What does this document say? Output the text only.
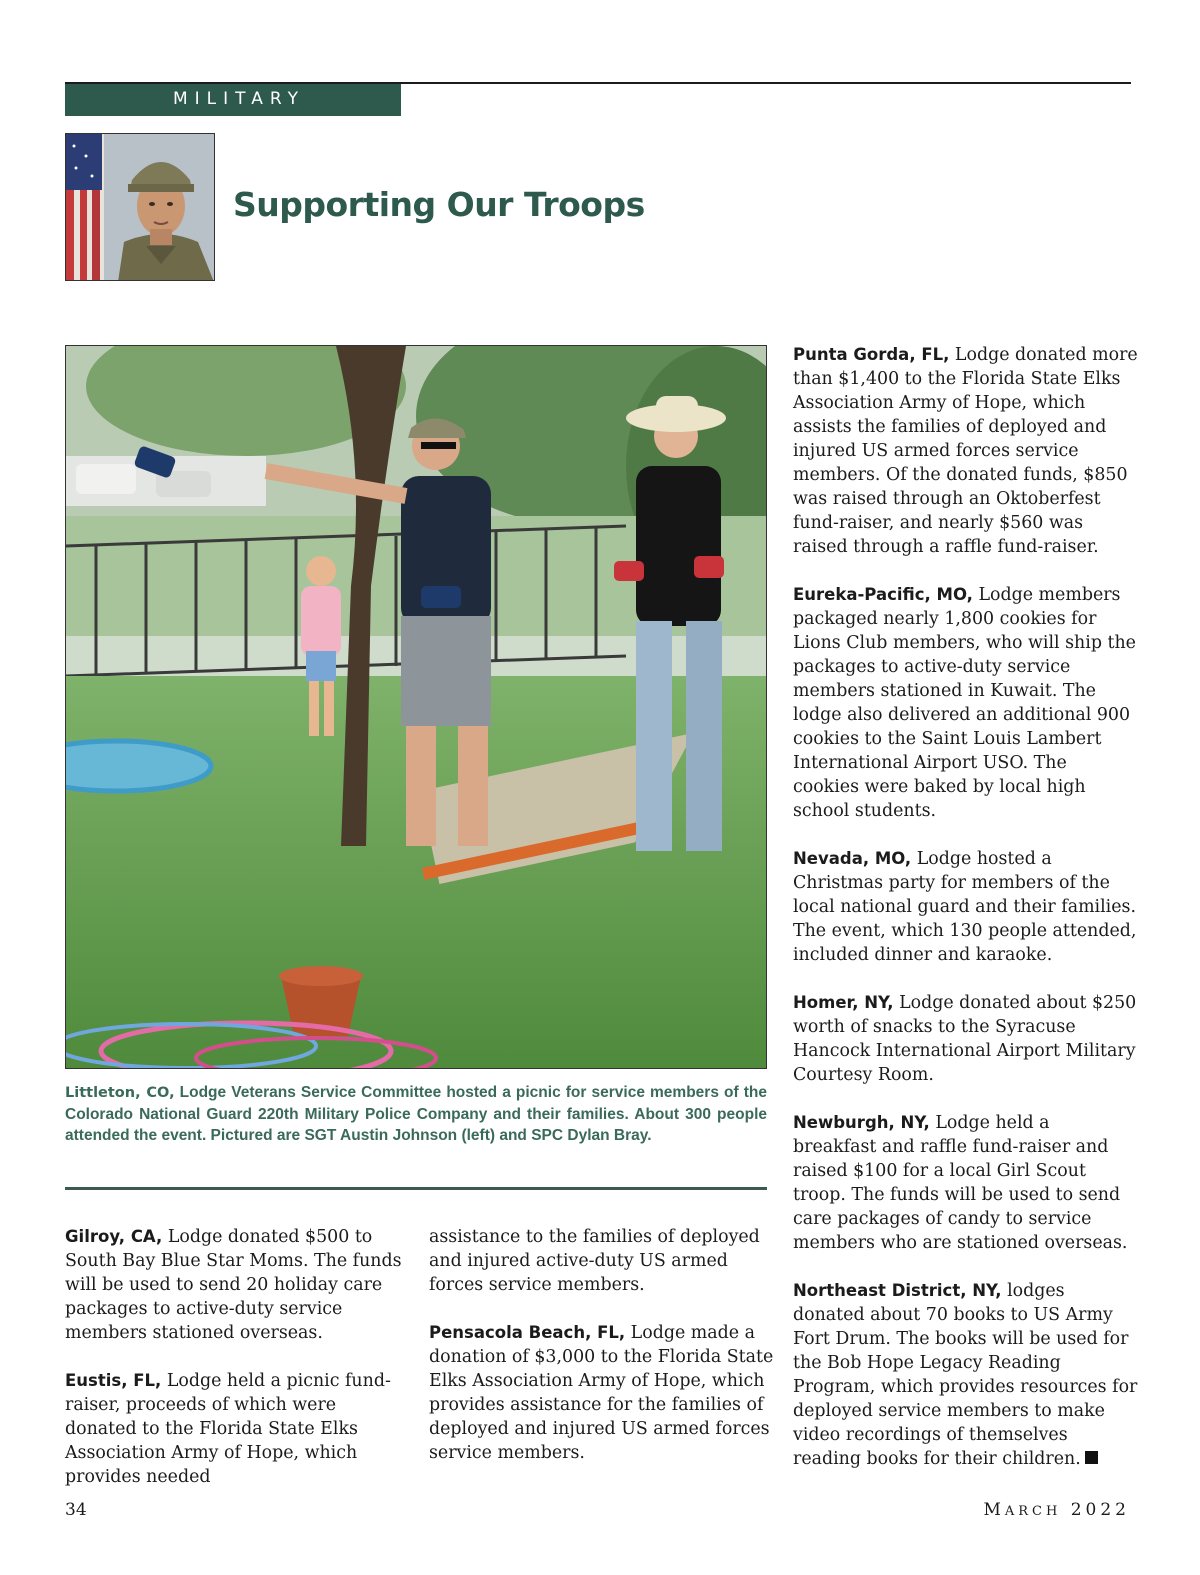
MILITARY
Supporting Our Troops

Littleton, CO, Lodge Veterans Service Committee hosted a picnic for service members of the Colorado National Guard 220th Military Police Company and their families. About 300 people attended the event. Pictured are SGT Austin Johnson (left) and SPC Dylan Bray.

Gilroy, CA, Lodge donated $500 to South Bay Blue Star Moms. The funds will be used to send 20 holiday care packages to active-duty service members stationed overseas.

Eustis, FL, Lodge held a picnic fund-raiser, proceeds of which were donated to the Florida State Elks Association Army of Hope, which provides needed

assistance to the families of deployed and injured active-duty US armed forces service members.

Pensacola Beach, FL, Lodge made a donation of $3,000 to the Florida State Elks Association Army of Hope, which provides assistance for the families of deployed and injured US armed forces service members.

Punta Gorda, FL, Lodge donated more than $1,400 to the Florida State Elks Association Army of Hope, which assists the families of deployed and injured US armed forces service members. Of the donated funds, $850 was raised through an Oktoberfest fund-raiser, and nearly $560 was raised through a raffle fund-raiser.

Eureka-Pacific, MO, Lodge members packaged nearly 1,800 cookies for Lions Club members, who will ship the packages to active-duty service members stationed in Kuwait. The lodge also delivered an additional 900 cookies to the Saint Louis Lambert International Airport USO. The cookies were baked by local high school students.

Nevada, MO, Lodge hosted a Christmas party for members of the local national guard and their families. The event, which 130 people attended, included dinner and karaoke.

Homer, NY, Lodge donated about $250 worth of snacks to the Syracuse Hancock International Airport Military Courtesy Room.

Newburgh, NY, Lodge held a breakfast and raffle fund-raiser and raised $100 for a local Girl Scout troop. The funds will be used to send care packages of candy to service members who are stationed overseas.

Northeast District, NY, lodges donated about 70 books to US Army Fort Drum. The books will be used for the Bob Hope Legacy Reading Program, which provides resources for deployed service members to make video recordings of themselves reading books for their children.

34	MARCH 2022
